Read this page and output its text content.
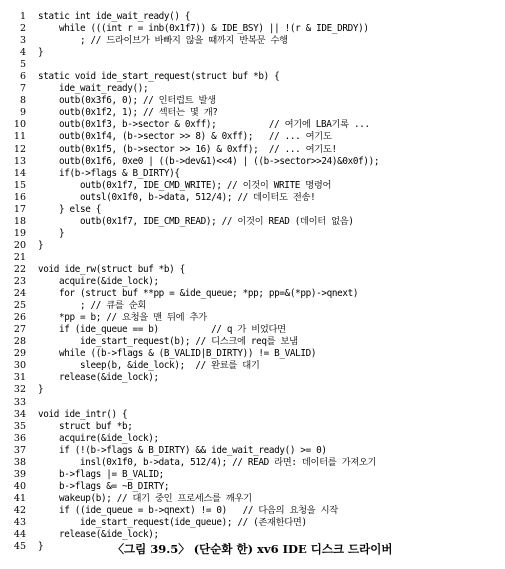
1	static int ide_wait_ready() {
2	while (((int r = inb(0x1f7)) & IDE_BSY) || !(r & IDE_DRDY))
3	; // 드라이브가 바빠지 않을 때까지 반복문 수행
4	}
5
6	static void ide_start_request(struct buf *b) {
7	ide_wait_ready();
8	outb(0x3f6, 0); // 인터럽트 발생
9	outb(0x1f2, 1); // 섹터는 몇 개?
10	outb(0x1f3, b->sector & 0xff);          // 여기에 LBA기록 ...
11	outb(0x1f4, (b->sector >> 8) & 0xff);   // ... 여기도
12	outb(0x1f5, (b->sector >> 16) & 0xff);  // ... 여기도!
13	outb(0x1f6, 0xe0 | ((b->dev&1)<<4) | ((b->sector>>24)&0x0f));
14	if(b->flags & B_DIRTY){
15	outb(0x1f7, IDE_CMD_WRITE); // 이것이 WRITE 명령어
16	outsl(0x1f0, b->data, 512/4); // 데이터도 전송!
17	} else {
18	outb(0x1f7, IDE_CMD_READ); // 이것이 READ (데이터 없음)
19	}
20	}
21
22	void ide_rw(struct buf *b) {
23	acquire(&ide_lock);
24	for (struct buf **pp = &ide_queue; *pp; pp=&(*pp)->qnext)
25	; // 큐를 순회
26	*pp = b; // 요청을 맨 뒤에 추가
27	if (ide_queue == b)          // q 가 비었다면
28	ide_start_request(b); // 디스크에 req를 보냄
29	while ((b->flags & (B_VALID|B_DIRTY)) != B_VALID)
30	sleep(b, &ide_lock);  // 완료를 대기
31	release(&ide_lock);
32	}
33
34	void ide_intr() {
35	struct buf *b;
36	acquire(&ide_lock);
37	if (!(b->flags & B_DIRTY) && ide_wait_ready() >= 0)
38	insl(0x1f0, b->data, 512/4); // READ 라면: 데이터를 가져오기
39	b->flags |= B_VALID;
40	b->flags &= ~B_DIRTY;
41	wakeup(b); // 대기 중인 프로세스를 깨우기
42	if ((ide_queue = b->qnext) != 0)   // 다음의 요청을 시작
43	ide_start_request(ide_queue); // (존재한다면)
44	release(&ide_lock);
45	}	〈그림 39.5〉 (단순화 한) xv6 IDE 디스크 드라이버
